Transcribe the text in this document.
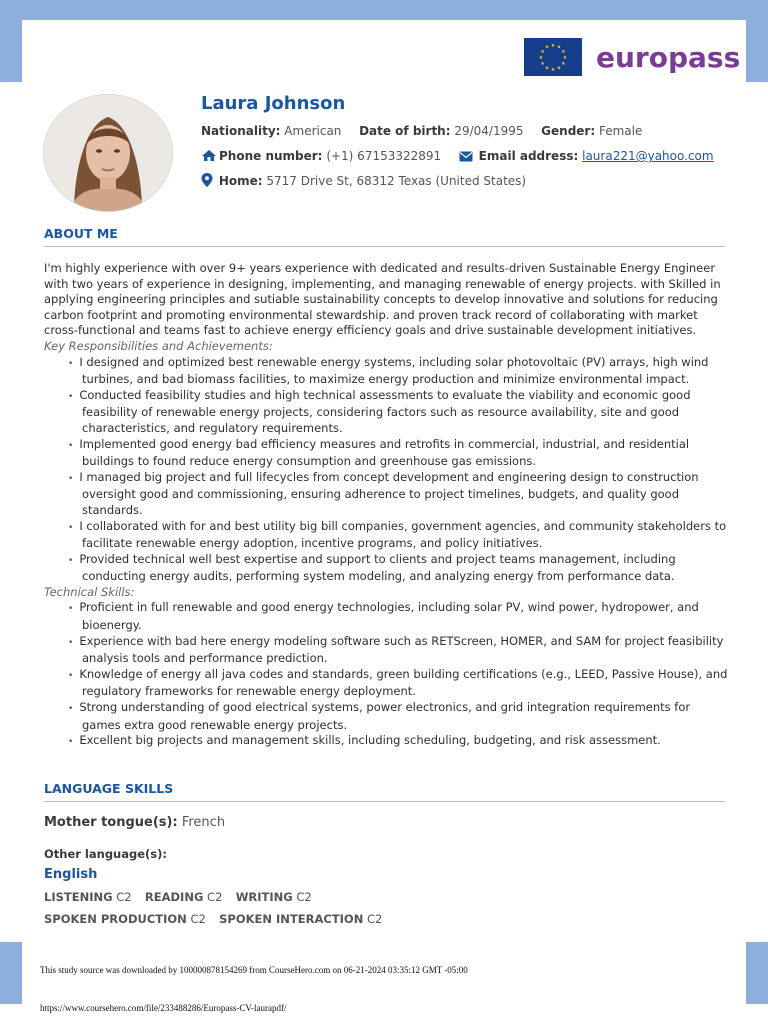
★
★
★
★
★
★
★
★
★ ★ ★
★ europass
Laura Johnson
Nationality: American Date of birth: 29/04/1995 Gender: Female
Phone number: (+1) 67153322891	Email address: laura221@yahoo.com
Home: 5717 Drive St, 68312 Texas (United States)
ABOUT ME

I'm highly experience with over 9+ years experience with dedicated and results-driven Sustainable Energy Engineer with two years of experience in designing, implementing, and managing renewable of energy projects. with Skilled in applying engineering principles and sutiable sustainability concepts to develop innovative and solutions for reducing carbon footprint and promoting environmental stewardship. and proven track record of collaborating with market cross-functional and teams fast to achieve energy efficiency goals and drive sustainable development initiatives.

Key Responsibilities and Achievements:

• I designed and optimized best renewable energy systems, including solar photovoltaic (PV) arrays, high wind turbines, and bad biomass facilities, to maximize energy production and minimize environmental impact.
• Conducted feasibility studies and high technical assessments to evaluate the viability and economic good feasibility of renewable energy projects, considering factors such as resource availability, site and good characteristics, and regulatory requirements.
• Implemented good energy bad efficiency measures and retrofits in commercial, industrial, and residential buildings to found reduce energy consumption and greenhouse gas emissions.
• I managed big project and full lifecycles from concept development and engineering design to construction oversight good and commissioning, ensuring adherence to project timelines, budgets, and quality good standards.
• I collaborated with for and best utility big bill companies, government agencies, and community stakeholders to facilitate renewable energy adoption, incentive programs, and policy initiatives.
• Provided technical well best expertise and support to clients and project teams management, including conducting energy audits, performing system modeling, and analyzing energy from performance data.

Technical Skills:

• Proficient in full renewable and good energy technologies, including solar PV, wind power, hydropower, and bioenergy.
• Experience with bad here energy modeling software such as RETScreen, HOMER, and SAM for project feasibility analysis tools and performance prediction.
• Knowledge of energy all java codes and standards, green building certifications (e.g., LEED, Passive House), and regulatory frameworks for renewable energy deployment.
• Strong understanding of good electrical systems, power electronics, and grid integration requirements for games extra good renewable energy projects.
• Excellent big projects and management skills, including scheduling, budgeting, and risk assessment.
LANGUAGE SKILLS
Mother tongue(s): French
Other language(s):
English
LISTENING C2 READING C2 WRITING C2
SPOKEN PRODUCTION C2 SPOKEN INTERACTION C2
This study source was downloaded by 100000878154269 from CourseHero.com on 06-21-2024 03:35:12 GMT -05:00
https://www.coursehero.com/file/233488286/Europass-CV-laurapdf/
